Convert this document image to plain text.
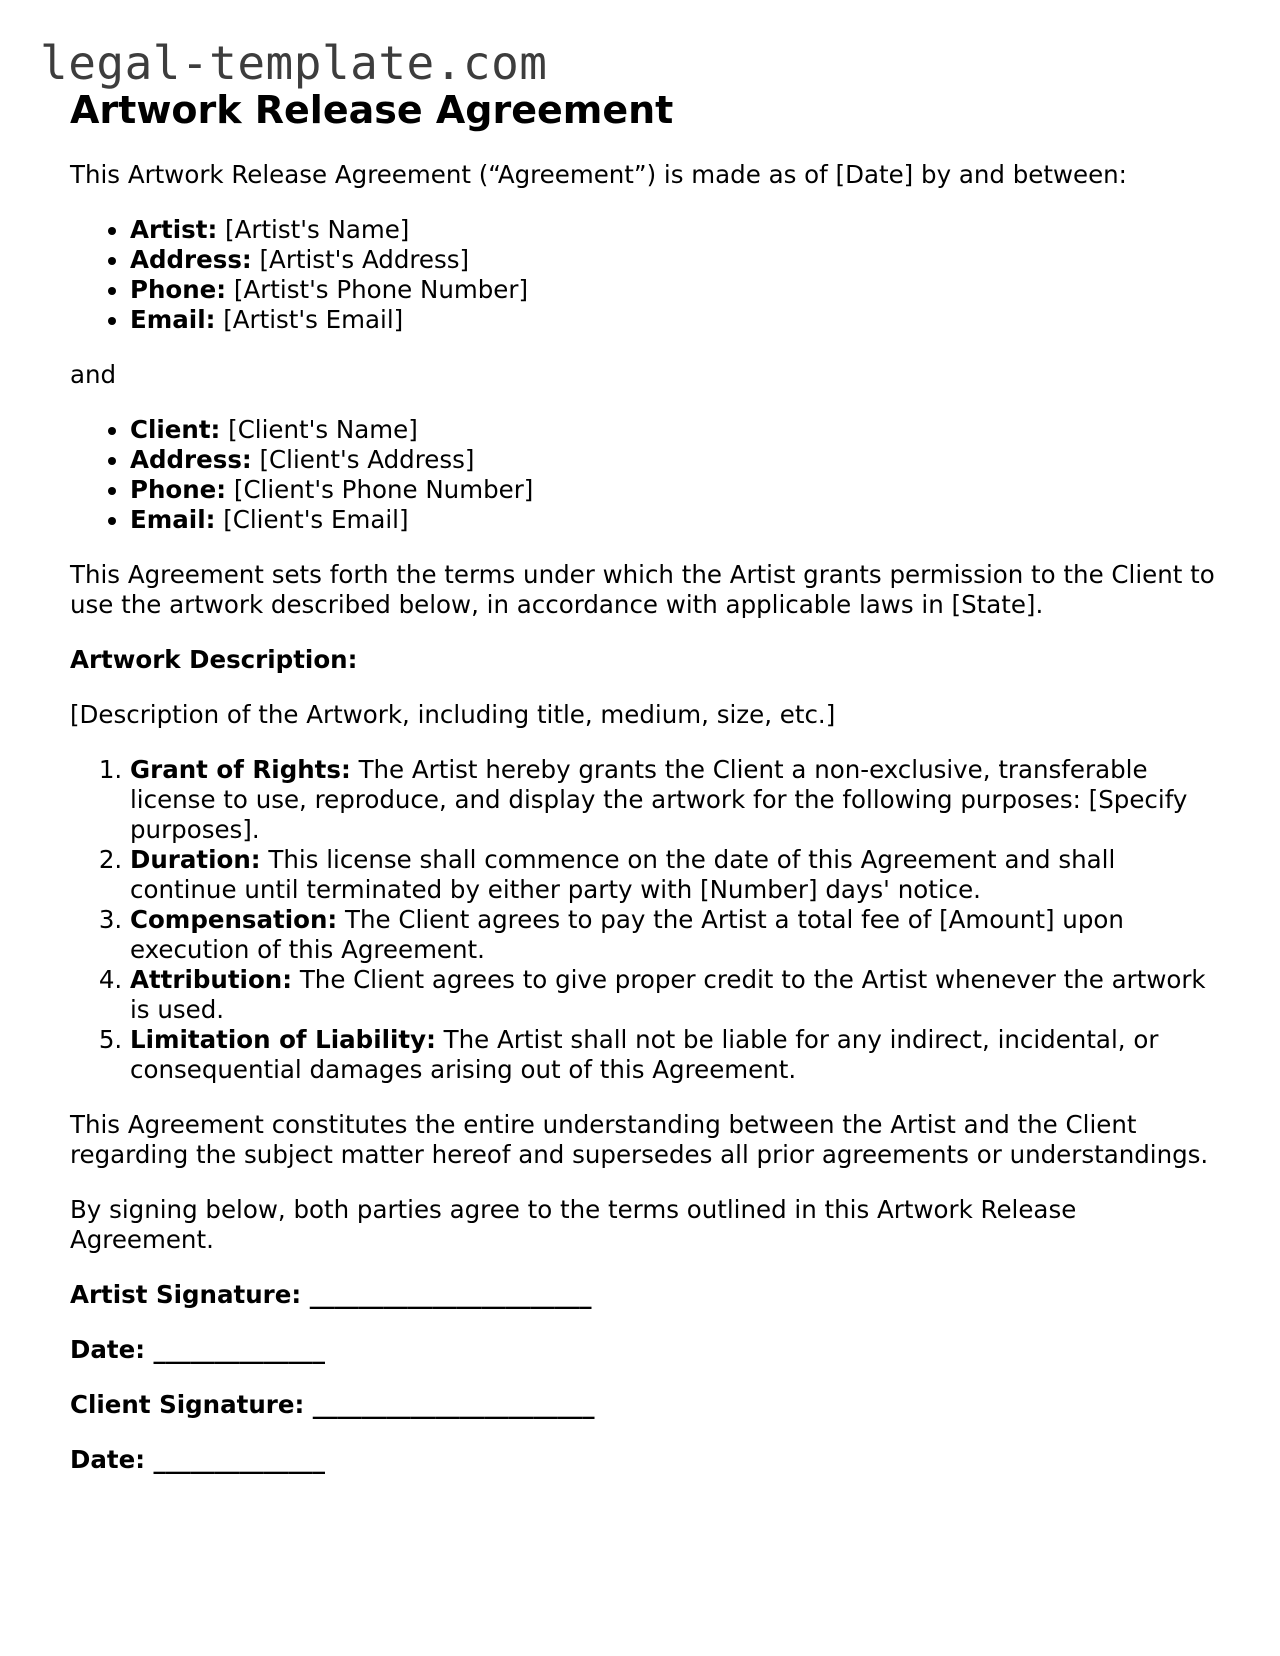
legal-template.com
Artwork Release Agreement

This Artwork Release Agreement (“Agreement”) is made as of [Date] by and between:

• Artist: [Artist's Name]
• Address: [Artist's Address]
• Phone: [Artist's Phone Number]
• Email: [Artist's Email]

and

• Client: [Client's Name]
• Address: [Client's Address]
• Phone: [Client's Phone Number]
• Email: [Client's Email]

This Agreement sets forth the terms under which the Artist grants permission to the Client to use the artwork described below, in accordance with applicable laws in [State].

Artwork Description:

[Description of the Artwork, including title, medium, size, etc.]

1. Grant of Rights: The Artist hereby grants the Client a non-exclusive, transferable license to use, reproduce, and display the artwork for the following purposes: [Specify purposes].
2. Duration: This license shall commence on the date of this Agreement and shall continue until terminated by either party with [Number] days' notice.
3. Compensation: The Client agrees to pay the Artist a total fee of [Amount] upon execution of this Agreement.
4. Attribution: The Client agrees to give proper credit to the Artist whenever the artwork is used.
5. Limitation of Liability: The Artist shall not be liable for any indirect, incidental, or consequential damages arising out of this Agreement.

This Agreement constitutes the entire understanding between the Artist and the Client regarding the subject matter hereof and supersedes all prior agreements or understandings.

By signing below, both parties agree to the terms outlined in this Artwork Release Agreement.

Artist Signature: _______________________

Date: ______________

Client Signature: _______________________

Date: ______________
